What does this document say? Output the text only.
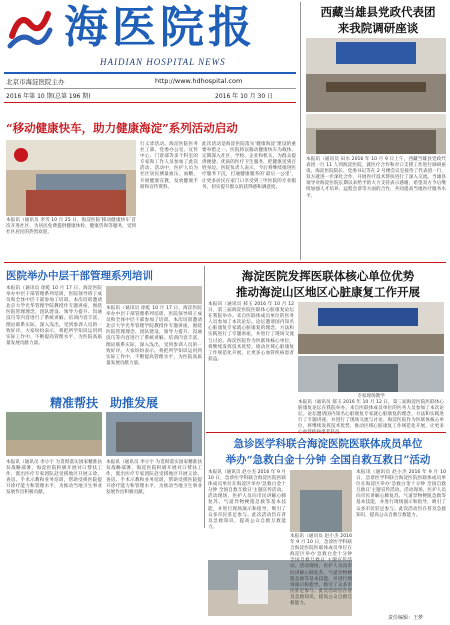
海医院报
HAIDIAN HOSPITAL NEWS
北京市海淀医院主办	http://www.hdhospital.com
2016 年第 10 期(总第 196 期)	2016 年 10 月 30 日
“移动健康快车，助力健康海淀”系列活动启动
本报讯（通讯员 李雪 10 月 25 日，海淀医院‘移动健康快车’首次开进社区，为居民免费提供健康体检、健康咨询等服务，受到社区居民的热烈欢迎。
行义诊活动。海淀医院医务社工部、党委办公室、宣传中心、门诊部等多个科室的专家和工作人员参加了此次活动。活动中，医护人员为社区居民测量血压、血糖，开展健康宣教，发放健康手册和宣传资料。
此次活动是海淀医院落实‘健康海淀’建设的重要举措之一。医院将以移动健康快车为载体，定期深入社区、学校、企业和机关，为群众提供便捷、优质的医疗卫生服务，把健康送到百姓身边。医院负责人表示，今后将继续推进医疗服务下沉，打通健康服务的‘最后一公里’，让更多居民在家门口享受到三甲医院的专业服务，切实提升群众的获得感和满意度。
西藏当雄县党政代表团
来我院调研座谈
本报讯（通讯员 田水 2016 年 10 月 9 日上午，西藏当雄县党政代表团一行 11 人到海淀医院，就医疗合作和对口支援工作进行调研座谈。海淀医院院长、党委书记等在 2 号楼会议室接待了代表团一行，双方就进一步深化合作，开展医疗技术帮扶进行了深入交流。当雄县领导对海淀医院长期以来给予的大力支持表示感谢，希望双方今后继续加强人才培养、远程会诊等方面的合作，共同提高当地医疗服务水平。
医院举办中层干部管理系列培训
本报讯（通讯员 徐乾 10 月 17 日，海淀医院举办中层干部管理系列培训，医院领导班子成员和全体中层干部参加了培训。本次培训邀请北京大学光华管理学院教授作专题讲座，围绕医院管理理念、团队建设、领导力提升、沟通技巧等内容进行了系统讲解。培训内容丰富，理论联系实际，深入浅出，受到参训人员的一致好评。大家纷纷表示，将把所学知识运用到实际工作中，不断提高管理水平，为医院高质量发展贡献力量。
本报讯（通讯员 徐乾 10 月 17 日，海淀医院举办中层干部管理系列培训，医院领导班子成员和全体中层干部参加了培训。本次培训邀请北京大学光华管理学院教授作专题讲座，围绕医院管理理念、团队建设、领导力提升、沟通技巧等内容进行了系统讲解。培训内容丰富，理论联系实际，深入浅出，受到参训人员的一致好评。大家纷纷表示，将把所学知识运用到实际工作中，不断提高管理水平，为医院高质量发展贡献力量。
精准帮扶　助推发展
本报讯（通讯员 李小宇 为贯彻落实国家精准扶贫战略部署，海淀医院积极开展对口帮扶工作，派出医疗专家团队赴受援地区开展义诊、查房、手术示教和业务培训，帮助受援医院提升诊疗能力和管理水平，为推动当地卫生事业发展作出积极贡献。
本报讯（通讯员 李小宇 为贯彻落实国家精准扶贫战略部署，海淀医院积极开展对口帮扶工作，派出医疗专家团队赴受援地区开展义诊、查房、手术示教和业务培训，帮助受援医院提升诊疗能力和管理水平，为推动当地卫生事业发展作出积极贡献。
海淀医院发挥医联体核心单位优势
推动海淀山区地区心脏康复工作开展
本报讯（通讯员 郝玉 2016 年 10 月 12 日，第三届海淀医院医联体心脏康复论坛在我院举办。来自医联体成员单位的医务人员参加了本次论坛。论坛邀请国内知名心脏康复专家就心脏康复的理念、方法和实践进行了专题讲座，并进行了现场交流与讨论。海淀医院作为医联体核心单位，将继续发挥技术优势，推动区域心脏康复工作规范化开展，让更多心血管疾病患者获益。
专家现场教学
本报讯（通讯员 郝玉 2016 年 10 月 12 日，第三届海淀医院医联体心脏康复论坛在我院举办。来自医联体成员单位的医务人员参加了本次论坛。论坛邀请国内知名心脏康复专家就心脏康复的理念、方法和实践进行了专题讲座，并进行了现场交流与讨论。海淀医院作为医联体核心单位，将继续发挥技术优势，推动区域心脏康复工作规范化开展，让更多
急诊医学科联合海淀医院医联体成员单位
举办“急救白金十分钟 全国自救互救日”活动
本报讯（通讯员 赵小杰 2016 年 9 月 10 日，急诊医学科联合海淀医院医联体成员单位在海淀区举办‘急救白金十分钟 全国自救互救日’主题宣传活动。活动现场，医护人员向市民讲解心肺复苏、气道异物梗阻急救等基本技能，并进行现场演示和指导，吸引了众多市民驻足参与。此次活动旨在普及急救知识，提高公众自救互救能力。
本报讯（通讯员 赵小杰 2016 年 9 月 10 日，急诊医学科联合海淀医院医联体成员单位在海淀区举办‘急救白金十分钟 全国自救互救日’主题宣传活动。活动现场，医护人员向市民讲解心肺复苏、气道异物梗阻急救等基本技能，并进行现场演示和指导，吸引了众多市民驻足参与。此次活动旨在普及急救知识，提高公众自救互救能力。
本报讯（通讯员 赵小杰 2016 年 9 月 10 日，急诊医学科联合海淀医院医联体成员单位在海淀区举办‘急救白金十分钟 全国自救互救日’主题宣传活动。活动现场，医护人员向市民讲解心肺复苏、气道异物梗阻急救等基本技能，并进行现场演示和指导，吸引了众多市民驻足参与。此次活动旨在普及急救知识，提高公众自救互救能力。
责任编辑：王梦
